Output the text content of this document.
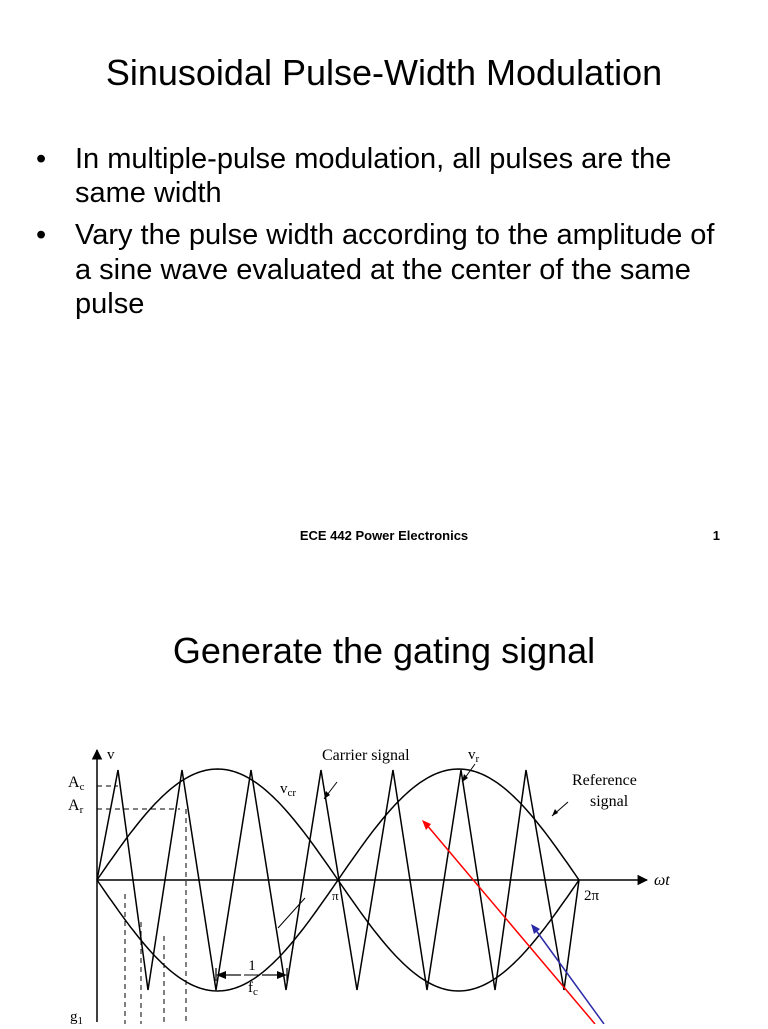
Sinusoidal Pulse-Width Modulation
• In multiple-pulse modulation, all pulses are the same width
• Vary the pulse width according to the amplitude of a sine wave evaluated at the center of the same pulse
ECE 442 Power Electronics	1
Generate the gating signal
1
$f_c$
v
Ac
Ar
Carrier signal
$v_{cr}$
$v_r$
Reference
signal
π	2π
ωt
$g_1$
